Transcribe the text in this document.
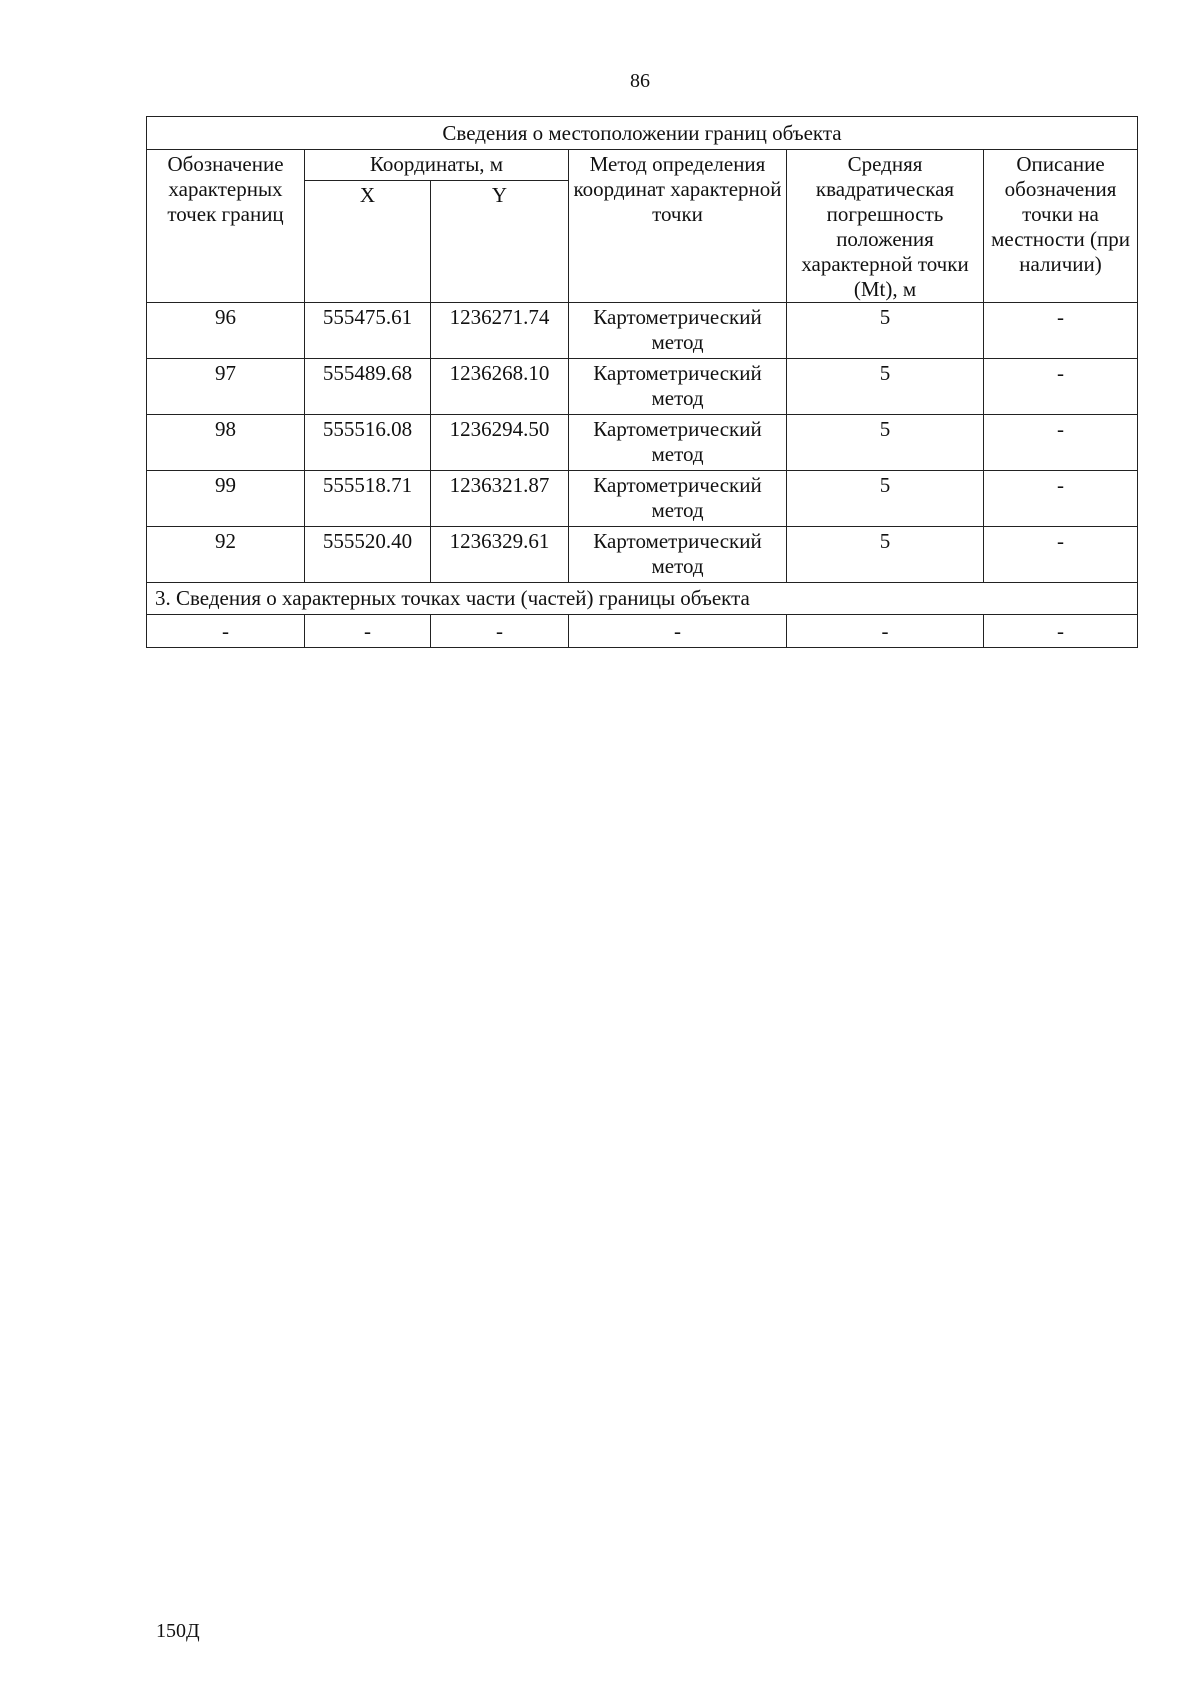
86
Сведения о местоположении границ объекта					
Обозначение характерных точек границ	Координаты, м		Метод определения координат характерной точки	Средняя квадратическая погрешность положения характерной точки (Mt), м	Описание обозначения точки на местности (при наличии)
	X	Y			
96	555475.61	1236271.74	Картометрический метод	5	-
97	555489.68	1236268.10	Картометрический метод	5	-
98	555516.08	1236294.50	Картометрический метод	5	-
99	555518.71	1236321.87	Картометрический метод	5	-
92	555520.40	1236329.61	Картометрический метод	5	-
3. Сведения о характерных точках части (частей) границы объекта					
-	-	-	-	-	-
150Д
